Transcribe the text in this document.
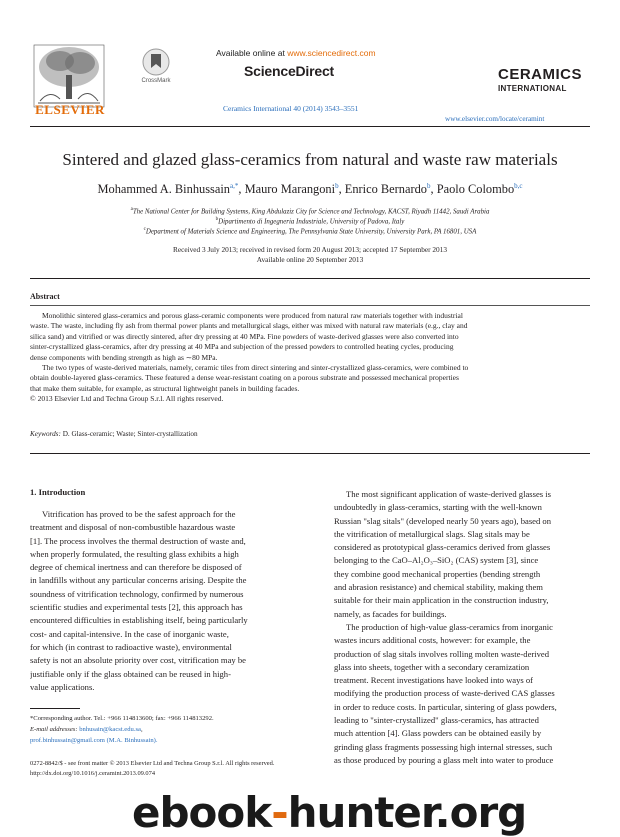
ELSEVIER
CrossMark
Available online at www.sciencedirect.com
ScienceDirect
Ceramics International 40 (2014) 3543–3551
CERAMICS
INTERNATIONAL
www.elsevier.com/locate/ceramint
Sintered and glazed glass-ceramics from natural and waste raw materials
Mohammed A. Binhussain$^{a,*}$, Mauro Marangoni$^b$, Enrico Bernardo$^b$, Paolo Colombo$^{b,c}$
$^a$The National Center for Building Systems, King Abdulaziz City for Science and Technology, KACST, Riyadh 11442, Saudi Arabia
$^b$Dipartimento di Ingegneria Industriale, University of Padova, Italy
$^c$Department of Materials Science and Engineering, The Pennsylvania State University, University Park, PA 16801, USA
Received 3 July 2013; received in revised form 20 August 2013; accepted 17 September 2013
Available online 20 September 2013
Abstract
Monolithic sintered glass-ceramics and porous glass-ceramic components were produced from natural raw materials together with industrial
waste. The waste, including fly ash from thermal power plants and metallurgical slags, either was mixed with natural raw materials (e.g., clay and
silica sand) and vitrified or was directly sintered, after dry pressing at 40 MPa. Fine powders of waste-derived glasses were also converted into
sinter-crystallized glass-ceramics, after dry pressing at 40 MPa and subjection of the pressed powders to controlled heating cycles, producing
dense components with bending strength as high as ∼80 MPa.
The two types of waste-derived materials, namely, ceramic tiles from direct sintering and sinter-crystallized glass-ceramics, were combined to
obtain double-layered glass-ceramics. These featured a dense wear-resistant coating on a porous substrate and possessed mechanical properties
that make them suitable, for example, as structural lightweight panels in building facades.
© 2013 Elsevier Ltd and Techna Group S.r.l. All rights reserved.
Keywords: D. Glass-ceramic; Waste; Sinter-crystallization
1. Introduction
Vitrification has proved to be the safest approach for the
treatment and disposal of non-combustible hazardous waste
[1]. The process involves the thermal destruction of waste and,
when properly formulated, the resulting glass exhibits a high
degree of chemical inertness and can therefore be disposed of
in landfills without any particular concerns arising. Despite the
soundness of vitrification technology, confirmed by numerous
scientific studies and experimental tests [2], this approach has
encountered difficulties in establishing itself, being particularly
cost- and capital-intensive. In the case of inorganic waste,
for which (in contrast to radioactive waste), environmental
safety is not an absolute priority over cost, vitrification may be
justifiable only if the glass obtained can be reused in high-
value applications.
The most significant application of waste-derived glasses is
undoubtedly in glass-ceramics, starting with the well-known
Russian "slag sitals" (developed nearly 50 years ago), based on
the vitrification of metallurgical slags. Slag sitals may be
considered as prototypical glass-ceramics derived from glasses
belonging to the CaO–Al₂O₃–SiO₂ (CAS) system [3], since
they combine good mechanical properties (bending strength
and abrasion resistance) and chemical stability, making them
suitable for their main application in the construction industry,
namely, as facades for buildings.
The production of high-value glass-ceramics from inorganic
wastes incurs additional costs, however: for example, the
production of slag sitals involves rolling molten waste-derived
glass into sheets, together with a secondary ceramization
treatment. Recent investigations have looked into ways of
modifying the production process of waste-derived CAS glasses
in order to reduce costs. In particular, sintering of glass powders,
leading to "sinter-crystallized" glass-ceramics, has attracted
much attention [4]. Glass powders can be obtained easily by
grinding glass fragments possessing high internal stresses, such
as those produced by pouring a glass melt into water to produce
*Corresponding author. Tel.: +966 114813600; fax: +966 114813292.
E-mail addresses: bnhusain@kacst.edu.sa,
prof.binhussain@gmail.com (M.A. Binhussain).
0272-8842/$ - see front matter © 2013 Elsevier Ltd and Techna Group S.r.l. All rights reserved.
http://dx.doi.org/10.1016/j.ceramint.2013.09.074
ebook-hunter.org
